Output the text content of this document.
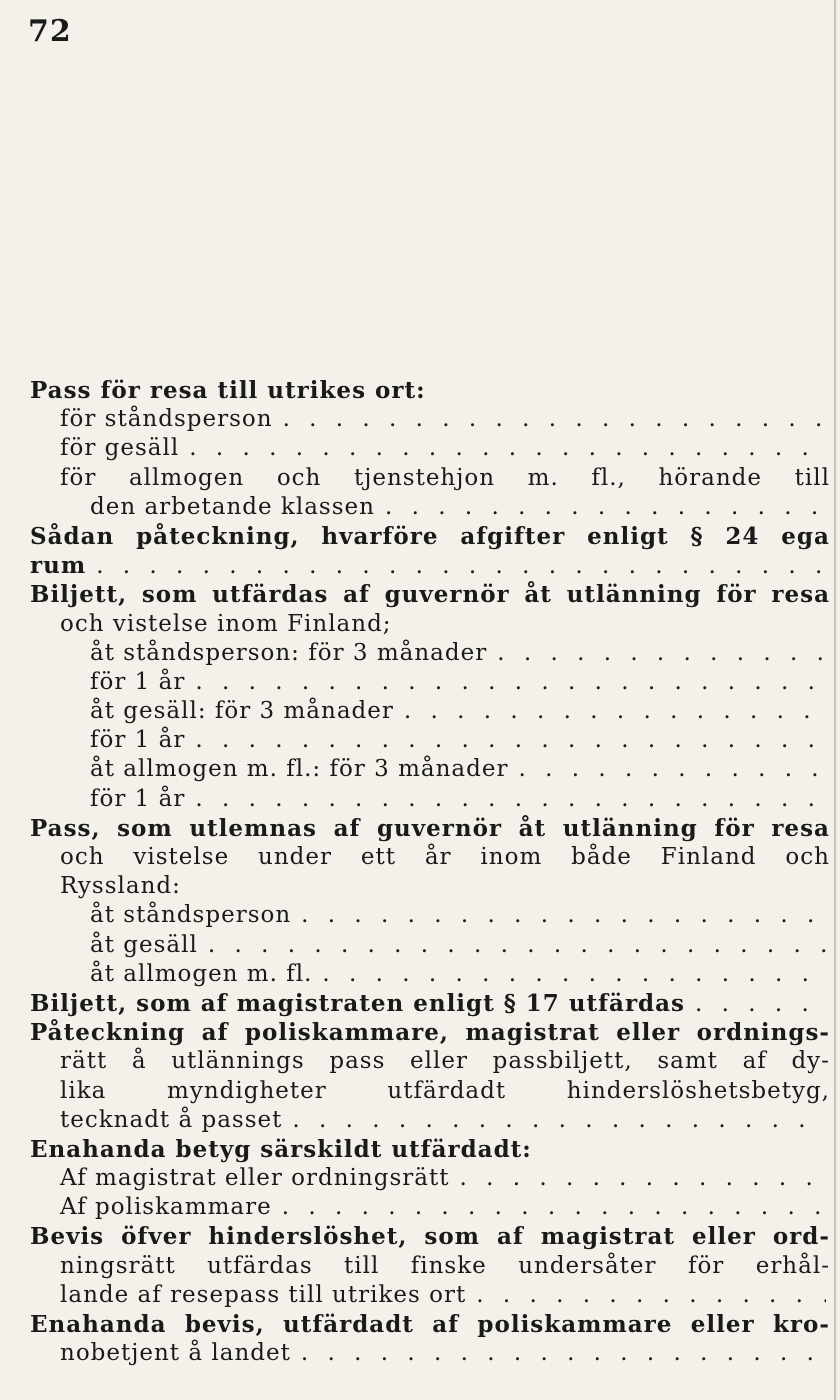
72
Pass för resa till utrikes ort:
för ståndsperson
. . .
för gesäll
. . .
för allmogen och tjenstehjon m. fl., hörande till
den arbetande klassen
. . .
Sådan påteckning, hvarföre afgifter enligt § 24 ega
rum
. . .
Biljett, som utfärdas af guvernör åt utlänning för resa
och vistelse inom Finland;
åt ståndsperson: för 3 månader
. . .
för 1 år
. . .
åt gesäll: för 3 månader
. . .
för 1 år
. . .
åt allmogen m. fl.: för 3 månader
. . .
för 1 år
. . .
Pass, som utlemnas af guvernör åt utlänning för resa
och vistelse under ett år inom både Finland och
Ryssland:
åt ståndsperson
. . .
åt gesäll
. . .
åt allmogen m. fl.
. . .
Biljett, som af magistraten enligt § 17 utfärdas
. . .
Påteckning af poliskammare, magistrat eller ordnings-
rätt å utlännings pass eller passbiljett, samt af dy-
lika	myndigheter	utfärdadt	hinderslöshetsbetyg,
tecknadt å passet
. . .
Enahanda betyg särskildt utfärdadt:
Af magistrat eller ordningsrätt
. . .
Af poliskammare
. . .
Bevis öfver hinderslöshet, som af magistrat eller ord-
ningsrätt utfärdas till finske undersåter för erhål-
lande af resepass till utrikes ort
. . .
Enahanda bevis, utfärdadt af poliskammare eller kro-
nobetjent å landet
. . .
